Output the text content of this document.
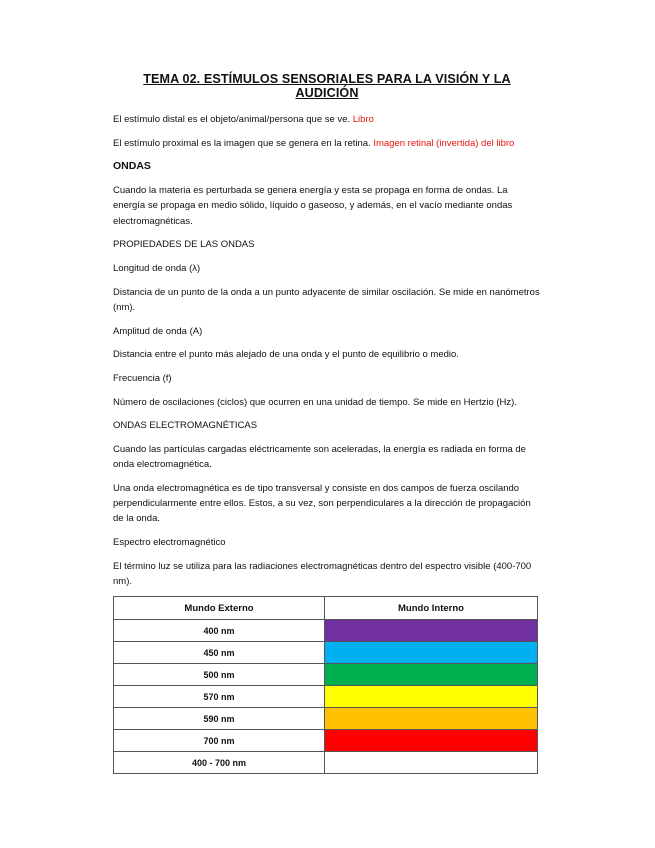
TEMA 02. ESTÍMULOS SENSORIALES PARA LA VISIÓN Y LA AUDICIÓN

El estímulo distal es el objeto/animal/persona que se ve. Libro

El estímulo proximal es la imagen que se genera en la retina. Imagen retinal (invertida) del libro

ONDAS

Cuando la materia es perturbada se genera energía y esta se propaga en forma de ondas. La energía se propaga en medio sólido, líquido o gaseoso, y además, en el vacío mediante ondas electromagnéticas.

PROPIEDADES DE LAS ONDAS

Longitud de onda (λ)

Distancia de un punto de la onda a un punto adyacente de similar oscilación. Se mide en nanómetros (nm).

Amplitud de onda (A)

Distancia entre el punto más alejado de una onda y el punto de equilibrio o medio.

Frecuencia (f)

Número de oscilaciones (ciclos) que ocurren en una unidad de tiempo. Se mide en Hertzio (Hz).

ONDAS ELECTROMAGNÉTICAS

Cuando las partículas cargadas eléctricamente son aceleradas, la energía es radiada en forma de onda electromagnética.

Una onda electromagnética es de tipo transversal y consiste en dos campos de fuerza oscilando perpendicularmente entre ellos. Estos, a su vez, son perpendiculares a la dirección de propagación de la onda.

Espectro electromagnético

El término luz se utiliza para las radiaciones electromagnéticas dentro del espectro visible (400-700 nm).

Mundo Externo	Mundo Interno
400 nm	
450 nm	
500 nm	
570 nm	
590 nm	
700 nm	
400 - 700 nm	
